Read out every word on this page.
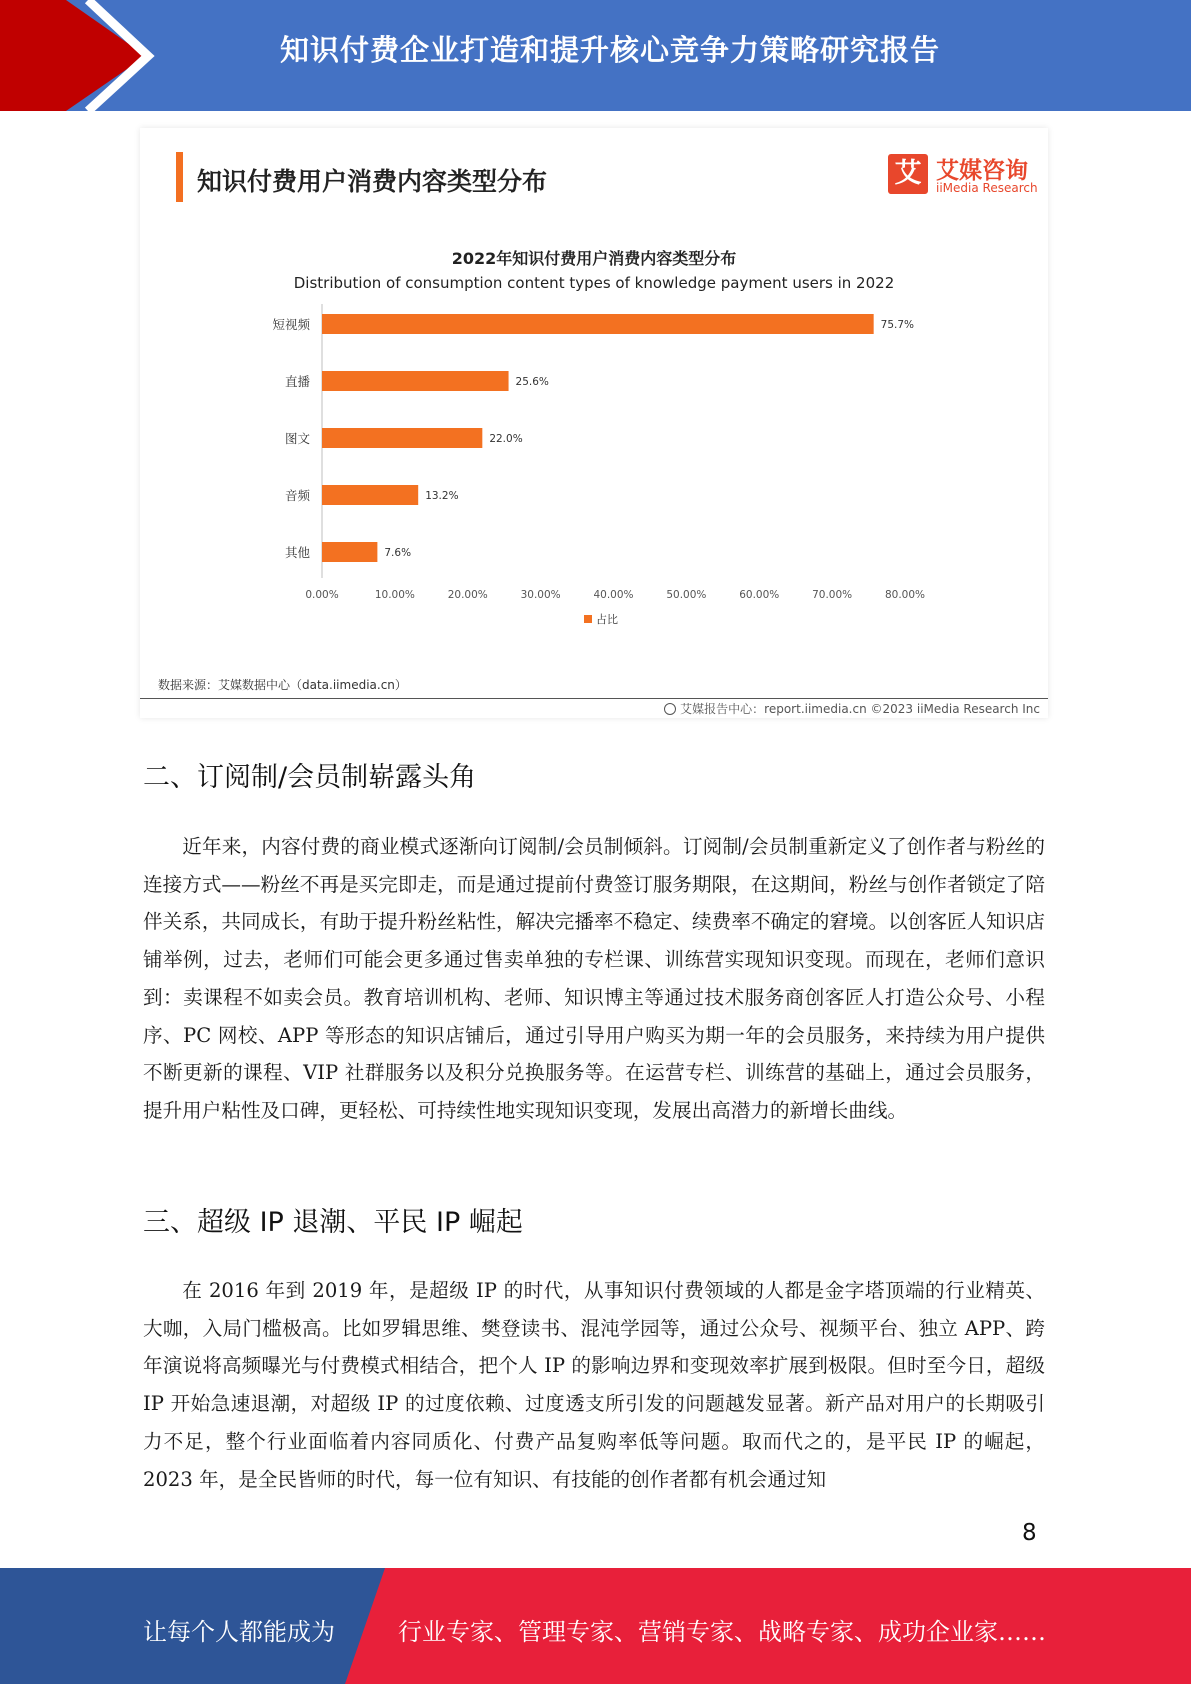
知识付费企业打造和提升核心竞争力策略研究报告
知识付费用户消费内容类型分布	艾 艾媒咨询
iiMedia Research
2022年知识付费用户消费内容类型分布
Distribution of consumption content types of knowledge payment users in 2022
短视频	75.7%
直播	25.6%
图文	22.0%
音频	13.2%
其他	7.6%
0.00%	10.00%	20.00%	30.00%	40.00%	50.00%	60.00%	70.00%	80.00%
占比
数据来源：艾媒数据中心（data.iimedia.cn）
艾媒报告中心：report.iimedia.cn ©2023 iiMedia Research Inc
二、订阅制/会员制崭露头角

近年来，内容付费的商业模式逐渐向订阅制/会员制倾斜。订阅制/会员制重新定义了创作者与粉丝的连接方式——粉丝不再是买完即走，而是通过提前付费签订服务期限，在这期间，粉丝与创作者锁定了陪伴关系，共同成长，有助于提升粉丝粘性，解决完播率不稳定、续费率不确定的窘境。以创客匠人知识店铺举例，过去，老师们可能会更多通过售卖单独的专栏课、训练营实现知识变现。而现在，老师们意识到：卖课程不如卖会员。教育培训机构、老师、知识博主等通过技术服务商创客匠人打造公众号、小程序、PC 网校、APP 等形态的知识店铺后，通过引导用户购买为期一年的会员服务，来持续为用户提供不断更新的课程、VIP 社群服务以及积分兑换服务等。在运营专栏、训练营的基础上，通过会员服务，提升用户粘性及口碑，更轻松、可持续性地实现知识变现，发展出高潜力的新增长曲线。

三、超级 IP 退潮、平民 IP 崛起

在 2016 年到 2019 年，是超级 IP 的时代，从事知识付费领域的人都是金字塔顶端的行业精英、大咖，入局门槛极高。比如罗辑思维、樊登读书、混沌学园等，通过公众号、视频平台、独立 APP、跨年演说将高频曝光与付费模式相结合，把个人 IP 的影响边界和变现效率扩展到极限。但时至今日，超级 IP 开始急速退潮，对超级 IP 的过度依赖、过度透支所引发的问题越发显著。新产品对用户的长期吸引力不足，整个行业面临着内容同质化、付费产品复购率低等问题。取而代之的，是平民 IP 的崛起，2023 年，是全民皆师的时代，每一位有知识、有技能的创作者都有机会通过知

8
让每个人都能成为	行业专家、管理专家、营销专家、战略专家、成功企业家……
